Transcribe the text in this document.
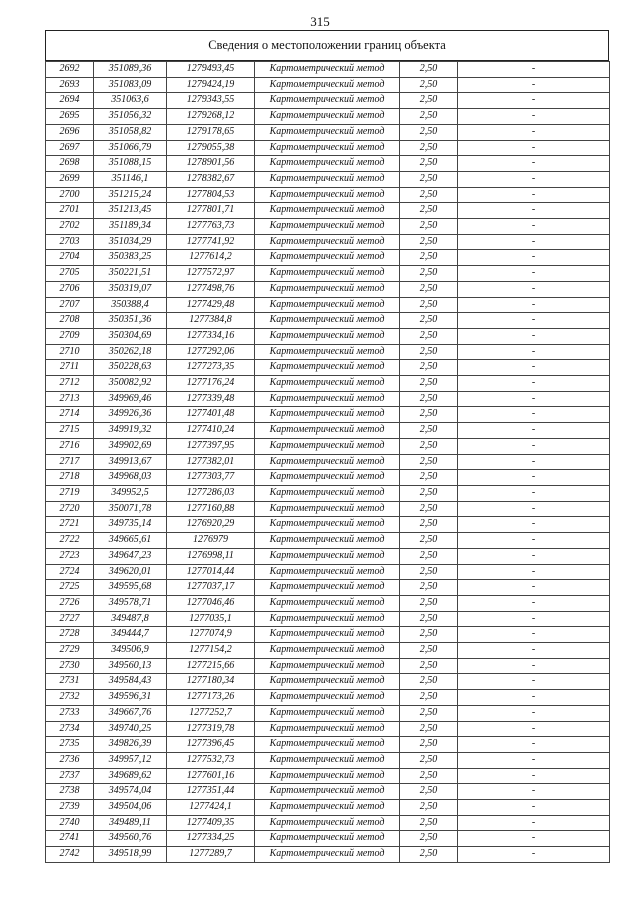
315
Сведения о местоположении границ объекта
2692	351089,36	1279493,45	Картометрический метод	2,50	-
2693	351083,09	1279424,19	Картометрический метод	2,50	-
2694	351063,6	1279343,55	Картометрический метод	2,50	-
2695	351056,32	1279268,12	Картометрический метод	2,50	-
2696	351058,82	1279178,65	Картометрический метод	2,50	-
2697	351066,79	1279055,38	Картометрический метод	2,50	-
2698	351088,15	1278901,56	Картометрический метод	2,50	-
2699	351146,1	1278382,67	Картометрический метод	2,50	-
2700	351215,24	1277804,53	Картометрический метод	2,50	-
2701	351213,45	1277801,71	Картометрический метод	2,50	-
2702	351189,34	1277763,73	Картометрический метод	2,50	-
2703	351034,29	1277741,92	Картометрический метод	2,50	-
2704	350383,25	1277614,2	Картометрический метод	2,50	-
2705	350221,51	1277572,97	Картометрический метод	2,50	-
2706	350319,07	1277498,76	Картометрический метод	2,50	-
2707	350388,4	1277429,48	Картометрический метод	2,50	-
2708	350351,36	1277384,8	Картометрический метод	2,50	-
2709	350304,69	1277334,16	Картометрический метод	2,50	-
2710	350262,18	1277292,06	Картометрический метод	2,50	-
2711	350228,63	1277273,35	Картометрический метод	2,50	-
2712	350082,92	1277176,24	Картометрический метод	2,50	-
2713	349969,46	1277339,48	Картометрический метод	2,50	-
2714	349926,36	1277401,48	Картометрический метод	2,50	-
2715	349919,32	1277410,24	Картометрический метод	2,50	-
2716	349902,69	1277397,95	Картометрический метод	2,50	-
2717	349913,67	1277382,01	Картометрический метод	2,50	-
2718	349968,03	1277303,77	Картометрический метод	2,50	-
2719	349952,5	1277286,03	Картометрический метод	2,50	-
2720	350071,78	1277160,88	Картометрический метод	2,50	-
2721	349735,14	1276920,29	Картометрический метод	2,50	-
2722	349665,61	1276979	Картометрический метод	2,50	-
2723	349647,23	1276998,11	Картометрический метод	2,50	-
2724	349620,01	1277014,44	Картометрический метод	2,50	-
2725	349595,68	1277037,17	Картометрический метод	2,50	-
2726	349578,71	1277046,46	Картометрический метод	2,50	-
2727	349487,8	1277035,1	Картометрический метод	2,50	-
2728	349444,7	1277074,9	Картометрический метод	2,50	-
2729	349506,9	1277154,2	Картометрический метод	2,50	-
2730	349560,13	1277215,66	Картометрический метод	2,50	-
2731	349584,43	1277180,34	Картометрический метод	2,50	-
2732	349596,31	1277173,26	Картометрический метод	2,50	-
2733	349667,76	1277252,7	Картометрический метод	2,50	-
2734	349740,25	1277319,78	Картометрический метод	2,50	-
2735	349826,39	1277396,45	Картометрический метод	2,50	-
2736	349957,12	1277532,73	Картометрический метод	2,50	-
2737	349689,62	1277601,16	Картометрический метод	2,50	-
2738	349574,04	1277351,44	Картометрический метод	2,50	-
2739	349504,06	1277424,1	Картометрический метод	2,50	-
2740	349489,11	1277409,35	Картометрический метод	2,50	-
2741	349560,76	1277334,25	Картометрический метод	2,50	-
2742	349518,99	1277289,7	Картометрический метод	2,50	-
